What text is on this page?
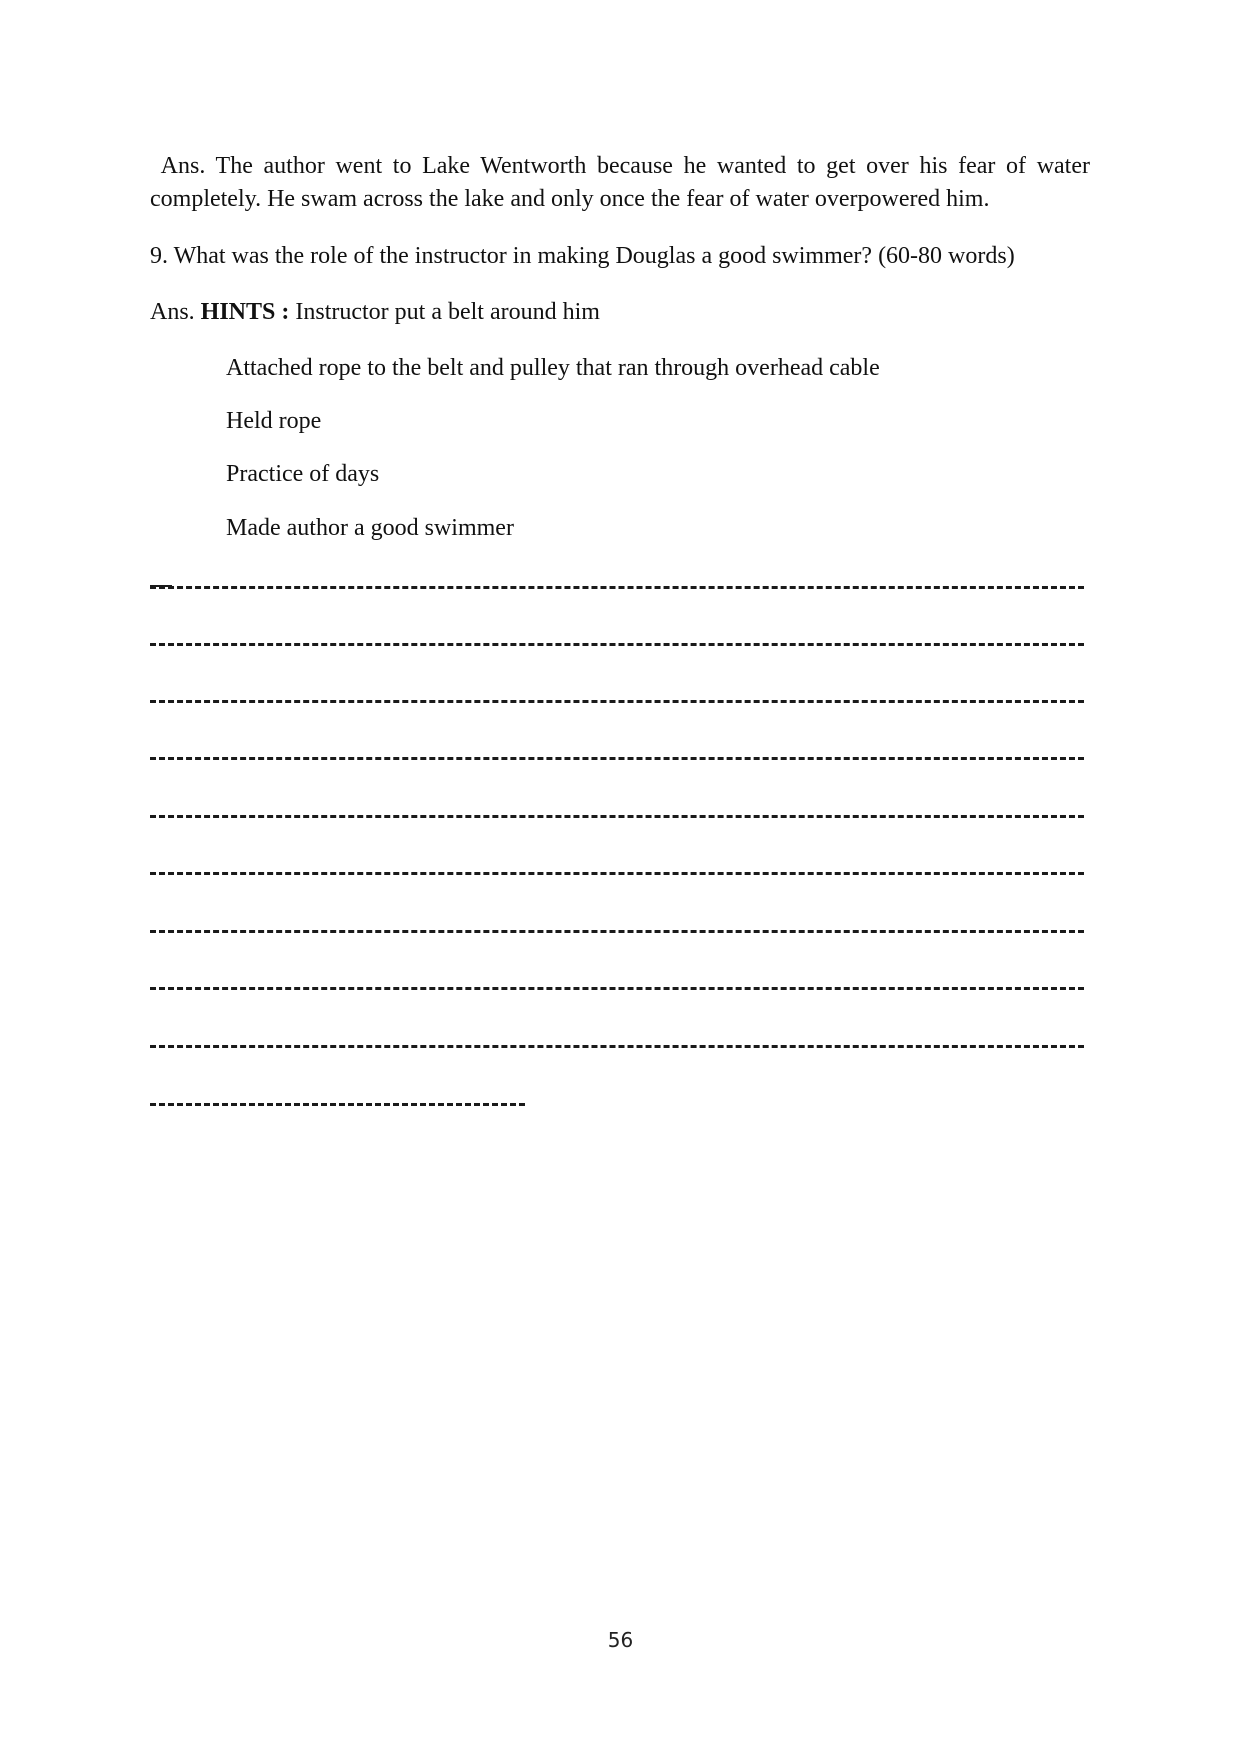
Ans. The author went to Lake Wentworth because he wanted to get over his fear of water completely. He swam across the lake and only once the fear of water overpowered him.

9. What was the role of the instructor in making Douglas a good swimmer? (60-80 words)

Ans. HINTS : Instructor put a belt around him

Attached rope to the belt and pulley that ran through overhead cable

Held rope

Practice of days

Made author a good swimmer

56
